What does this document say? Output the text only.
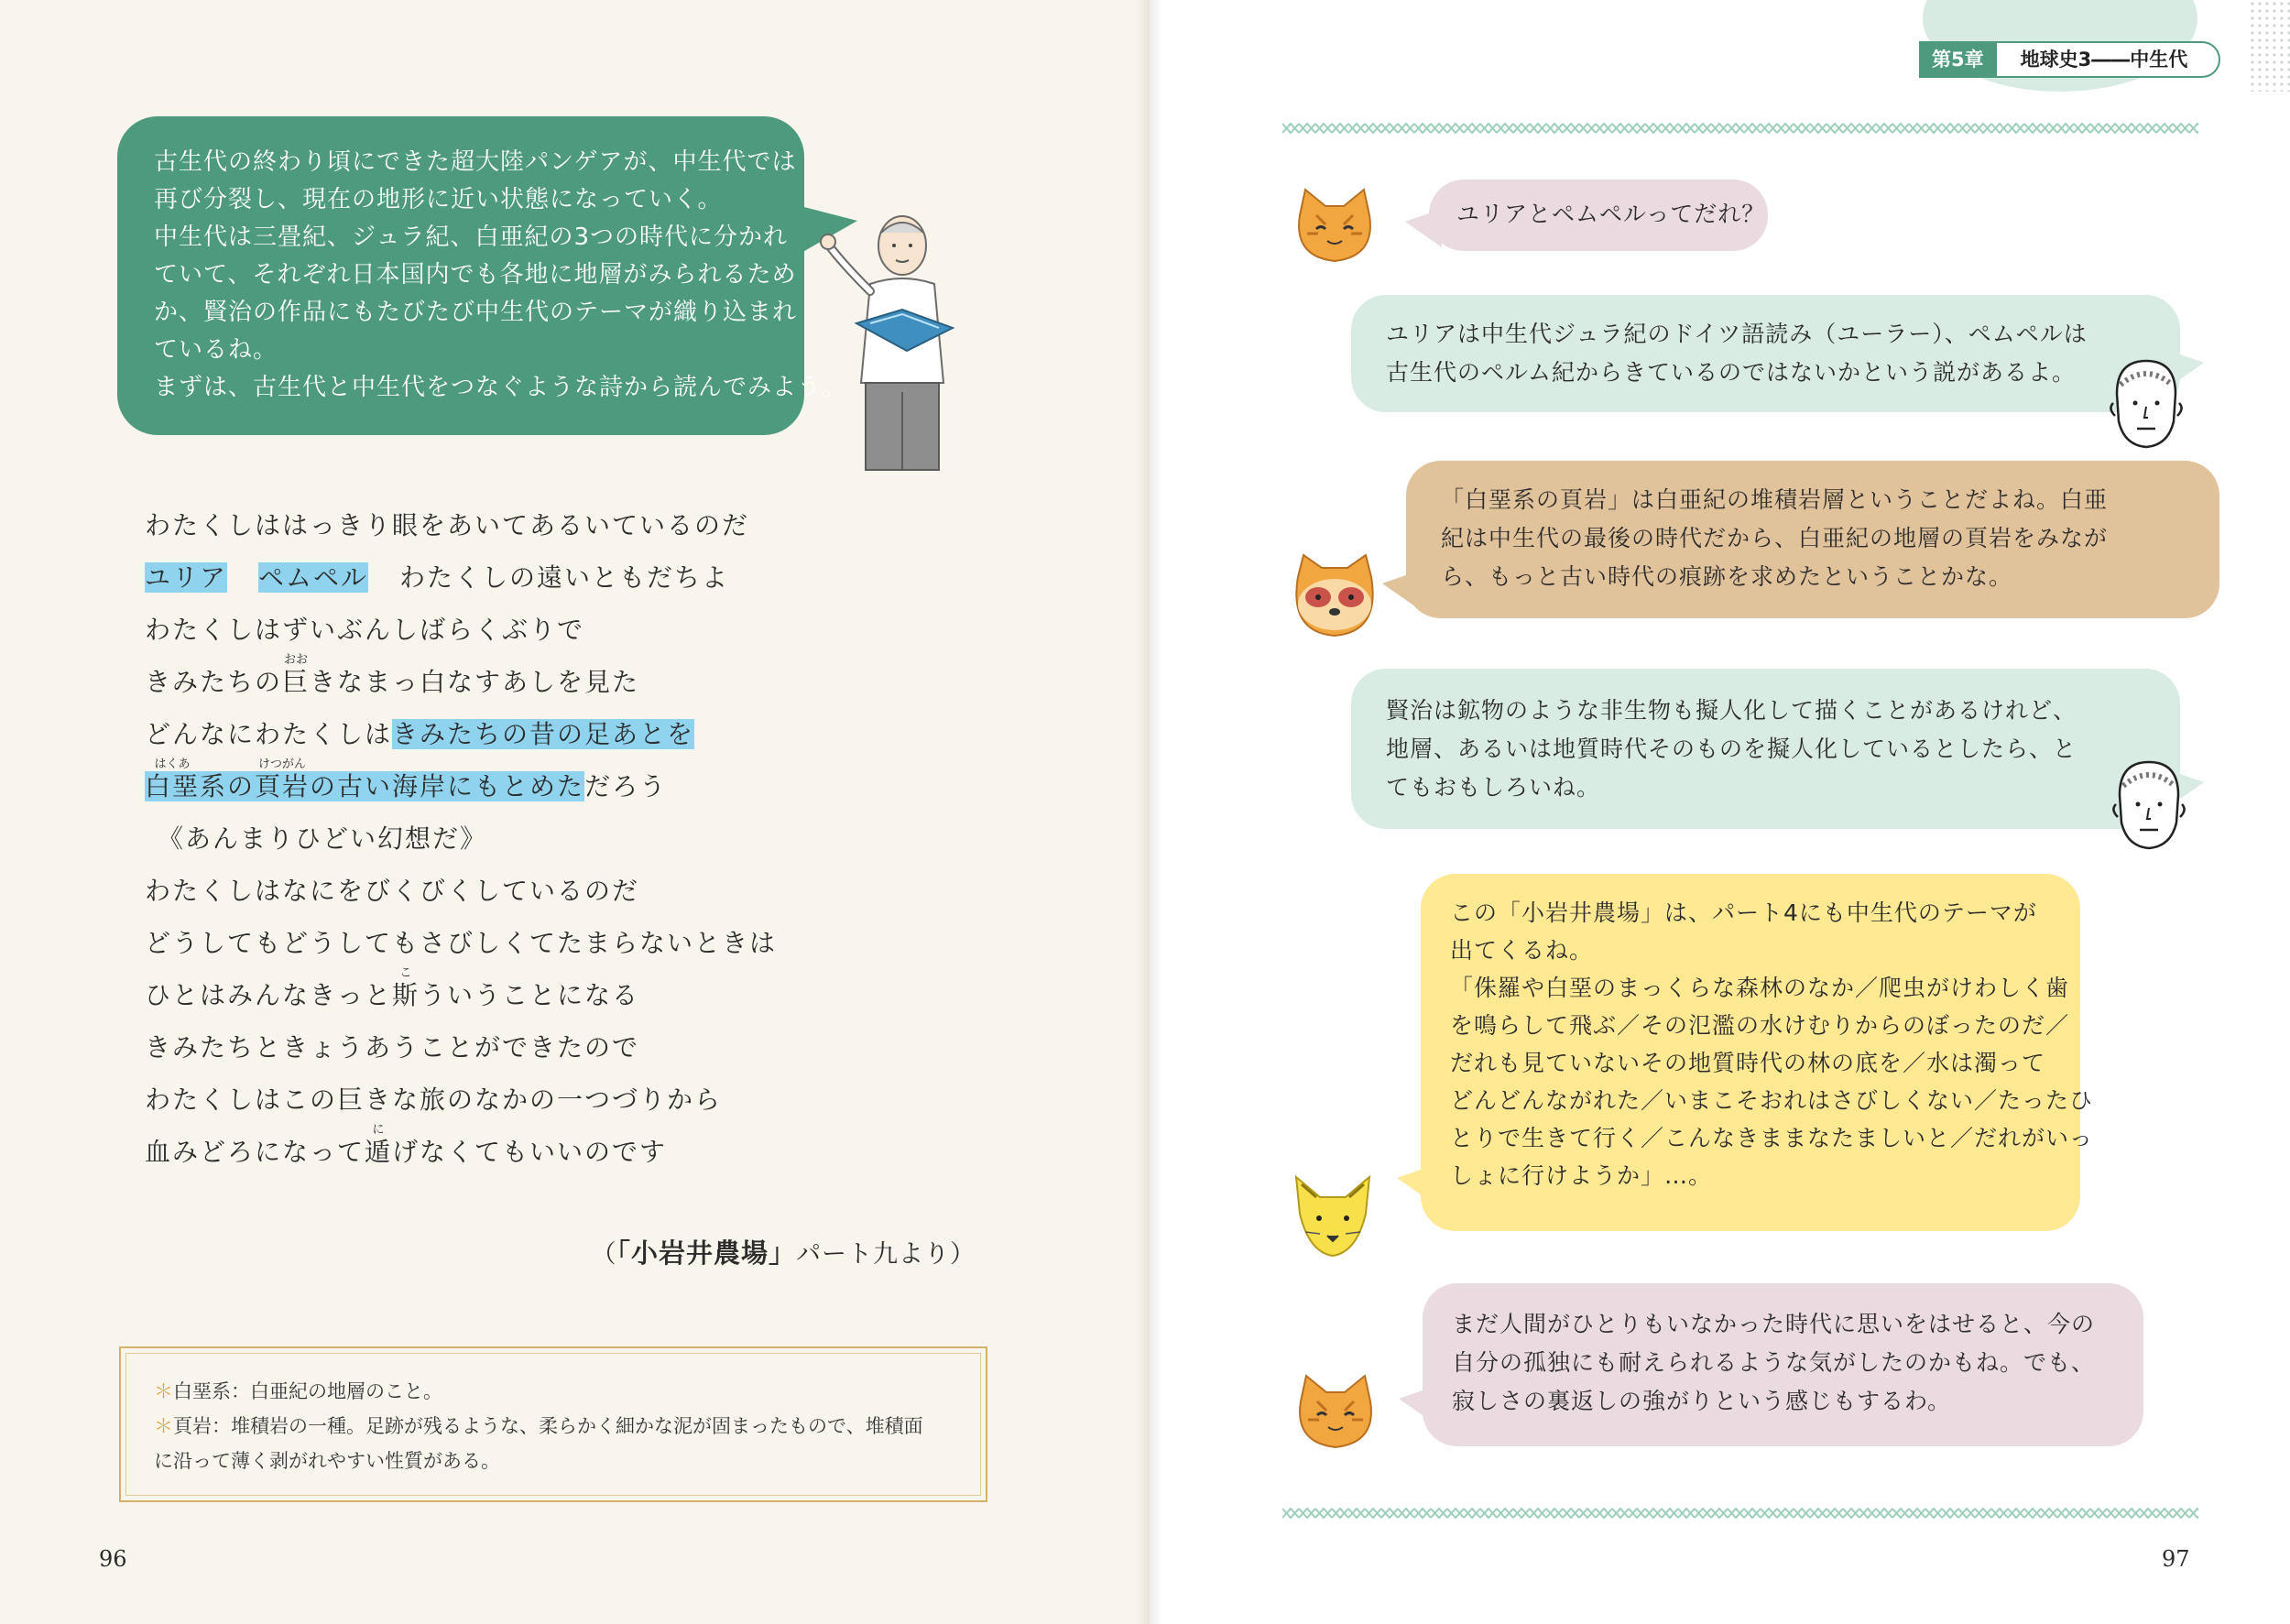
古生代の終わり頃にできた超大陸パンゲアが、中生代では
再び分裂し、現在の地形に近い状態になっていく。
中生代は三畳紀、ジュラ紀、白亜紀の3つの時代に分かれ
ていて、それぞれ日本国内でも各地に地層がみられるため
か、賢治の作品にもたびたび中生代のテーマが織り込まれ
ているね。
まずは、古生代と中生代をつなぐような詩から読んでみよう。
わたくしははっきり眼をあいてあるいているのだ
ユリア ペムペル わたくしの遠いともだちよ
わたくしはずいぶんしばらくぶりで
きみたちの
おお
巨きなまっ白なすあしを見た
どんなにわたくしはきみたちの昔の足あとを
はくあ
白堊系の
けつがん
頁岩の古い海岸にもとめただろう
《あんまりひどい幻想だ》
わたくしはなにをびくびくしているのだ
どうしてもどうしてもさびしくてたまらないときは
ひとはみんなきっと
こ
斯ういうことになる
きみたちときょうあうことができたので
わたくしはこの巨きな旅のなかの一つづりから
血みどろになって
に
遁げなくてもいいのです
（「小岩井農場」パート九より）
＊白堊系：白亜紀の地層のこと。
＊頁岩：堆積岩の一種。足跡が残るような、柔らかく細かな泥が固まったもので、堆積面
に沿って薄く剥がれやすい性質がある。
96
第5章	地球史3――中生代
ユリアとペムペルってだれ？
ユリアは中生代ジュラ紀のドイツ語読み（ユーラー）、ペムペルは
古生代のペルム紀からきているのではないかという説があるよ。
「白堊系の頁岩」は白亜紀の堆積岩層ということだよね。白亜
紀は中生代の最後の時代だから、白亜紀の地層の頁岩をみなが
ら、もっと古い時代の痕跡を求めたということかな。
賢治は鉱物のような非生物も擬人化して描くことがあるけれど、
地層、あるいは地質時代そのものを擬人化しているとしたら、と
てもおもしろいね。
この「小岩井農場」は、パート4にも中生代のテーマが
出てくるね。
「侏羅や白堊のまっくらな森林のなか／爬虫がけわしく歯
を鳴らして飛ぶ／その氾濫の水けむりからのぼったのだ／
だれも見ていないその地質時代の林の底を／水は濁って
どんどんながれた／いまこそおれはさびしくない／たったひ
とりで生きて行く／こんなきままなたましいと／だれがいっ
しょに行けようか」…。
まだ人間がひとりもいなかった時代に思いをはせると、今の
自分の孤独にも耐えられるような気がしたのかもね。でも、
寂しさの裏返しの強がりという感じもするわ。
97
